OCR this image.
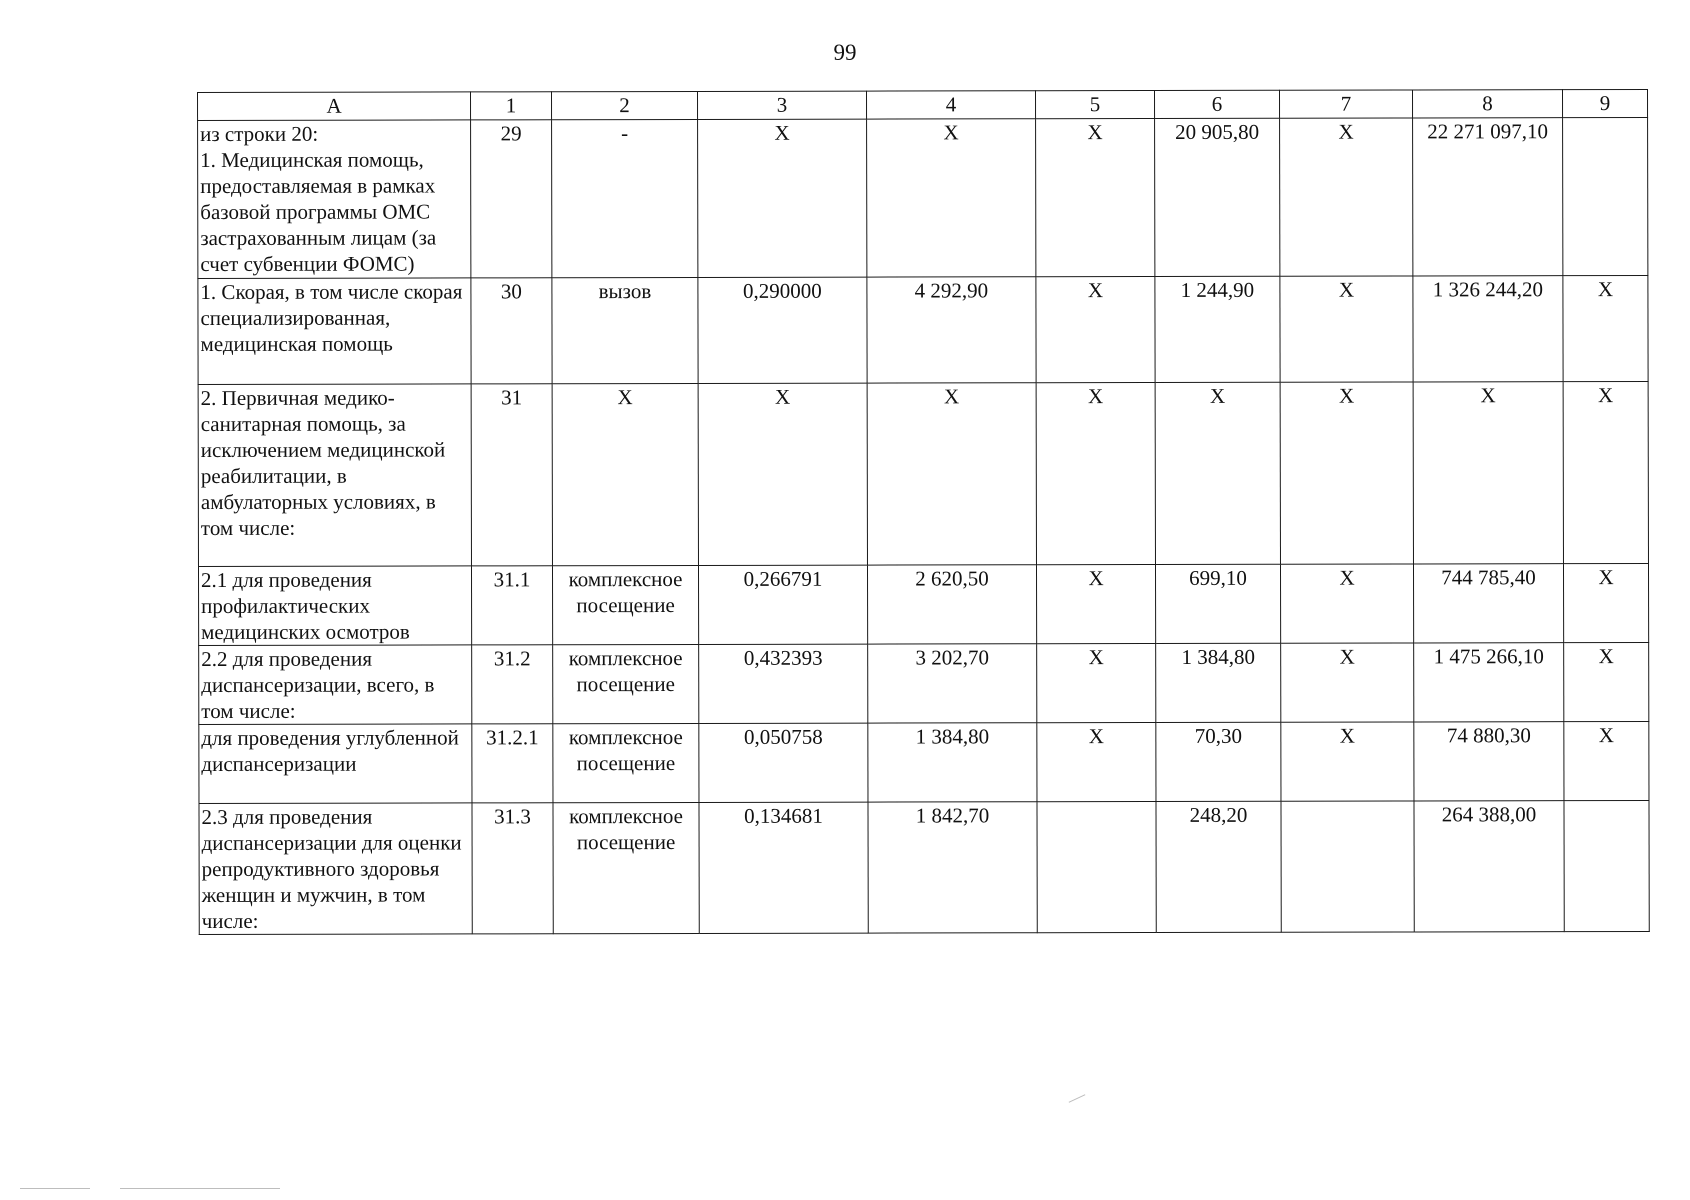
99
А	1	2	3	4	5	6	7	8	9
из строки 20:
1. Медицинская помощь, предоставляемая в рамках базовой программы ОМС застрахованным лицам (за счет субвенции ФОМС)	29	-	Х	Х	Х	20 905,80	Х	22 271 097,10	
1. Скорая, в том числе скорая специализированная, медицинская помощь	30	вызов	0,290000	4 292,90	Х	1 244,90	Х	1 326 244,20	Х
2. Первичная медико-санитарная помощь, за исключением медицинской реабилитации, в амбулаторных условиях, в том числе:	31	Х	Х	Х	Х	Х	Х	Х	Х
2.1 для проведения профилактических медицинских осмотров	31.1	комплексное посещение	0,266791	2 620,50	Х	699,10	Х	744 785,40	Х
2.2 для проведения диспансеризации, всего, в том числе:	31.2	комплексное посещение	0,432393	3 202,70	Х	1 384,80	Х	1 475 266,10	Х
для проведения углубленной диспансеризации	31.2.1	комплексное посещение	0,050758	1 384,80	Х	70,30	Х	74 880,30	Х
2.3 для проведения диспансеризации для оценки репродуктивного здоровья женщин и мужчин, в том числе:	31.3	комплексное посещение	0,134681	1 842,70		248,20		264 388,00	
